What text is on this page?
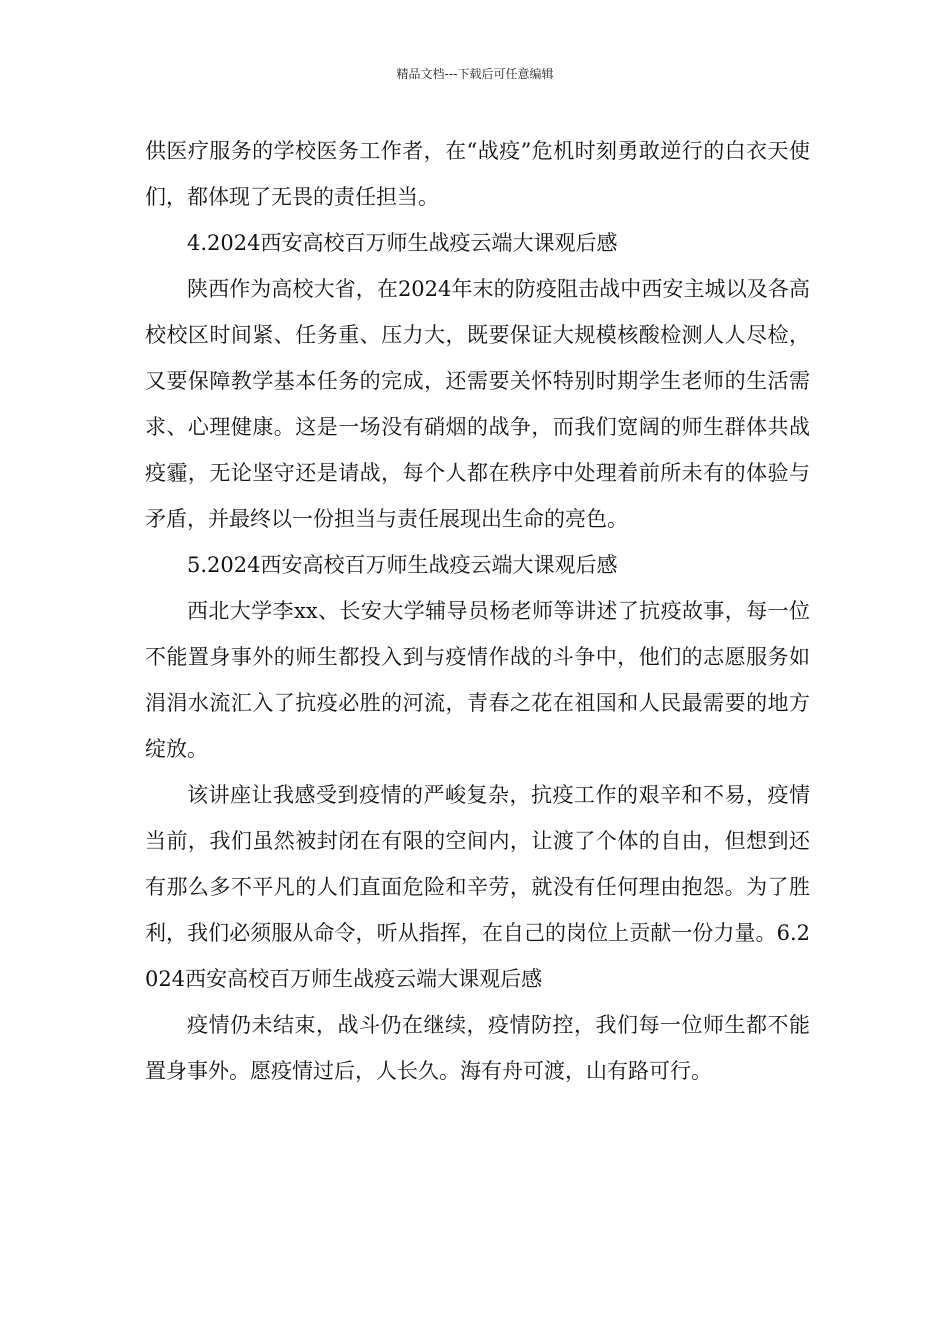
精品文档---下载后可任意编辑

供医疗服务的学校医务工作者，在“战疫”危机时刻勇敢逆行的白衣天使们，都体现了无畏的责任担当。

4.2024西安高校百万师生战疫云端大课观后感

陕西作为高校大省，在2024年末的防疫阻击战中西安主城以及各高校校区时间紧、任务重、压力大，既要保证大规模核酸检测人人尽检，又要保障教学基本任务的完成，还需要关怀特别时期学生老师的生活需求、心理健康。这是一场没有硝烟的战争，而我们宽阔的师生群体共战疫霾，无论坚守还是请战，每个人都在秩序中处理着前所未有的体验与矛盾，并最终以一份担当与责任展现出生命的亮色。

5.2024西安高校百万师生战疫云端大课观后感

西北大学李xx、长安大学辅导员杨老师等讲述了抗疫故事，每一位不能置身事外的师生都投入到与疫情作战的斗争中，他们的志愿服务如涓涓水流汇入了抗疫必胜的河流，青春之花在祖国和人民最需要的地方绽放。

该讲座让我感受到疫情的严峻复杂，抗疫工作的艰辛和不易，疫情当前，我们虽然被封闭在有限的空间内，让渡了个体的自由，但想到还有那么多不平凡的人们直面危险和辛劳，就没有任何理由抱怨。为了胜利，我们必须服从命令，听从指挥，在自己的岗位上贡献一份力量。6.2024西安高校百万师生战疫云端大课观后感

疫情仍未结束，战斗仍在继续，疫情防控，我们每一位师生都不能置身事外。愿疫情过后，人长久。海有舟可渡，山有路可行。
